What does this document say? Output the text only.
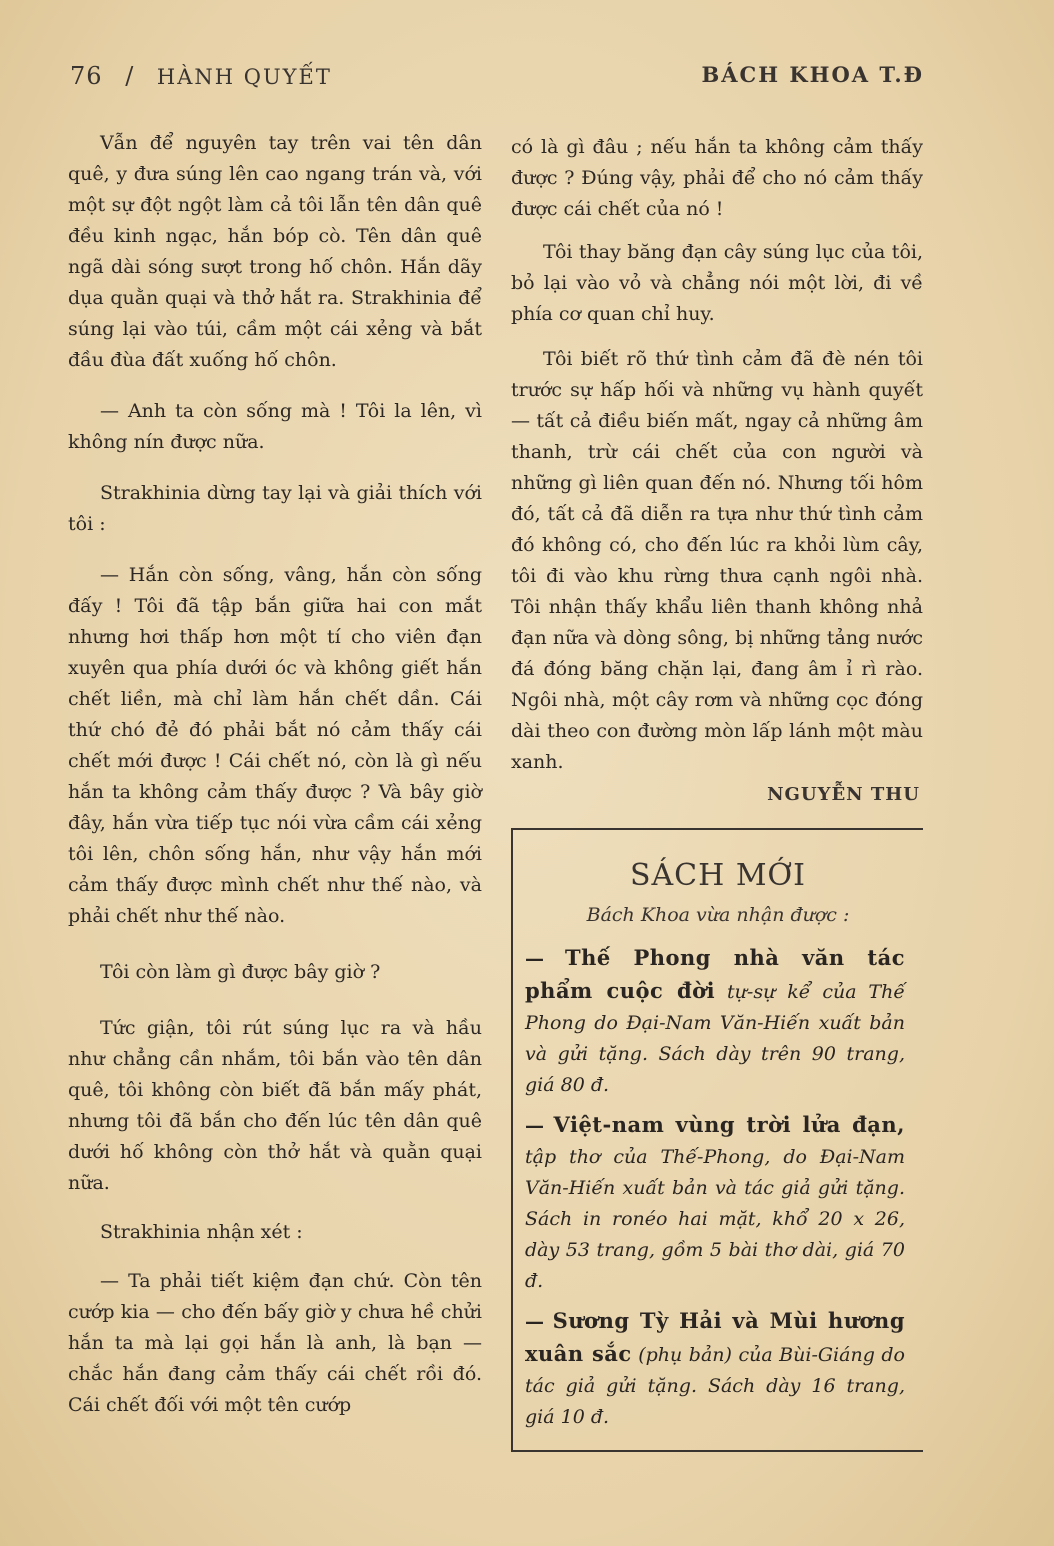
76 / HÀNH QUYẾT	BÁCH KHOA T.Đ

Vẫn để nguyên tay trên vai tên dân quê, y đưa súng lên cao ngang trán và, với một sự đột ngột làm cả tôi lẫn tên dân quê đều kinh ngạc, hắn bóp cò. Tên dân quê ngã dài sóng sượt trong hố chôn. Hắn dãy dụa quằn quại và thở hắt ra. Strakhinia để súng lại vào túi, cầm một cái xẻng và bắt đầu đùa đất xuống hố chôn.

— Anh ta còn sống mà ! Tôi la lên, vì không nín được nữa.

Strakhinia dừng tay lại và giải thích với tôi :

— Hắn còn sống, vâng, hắn còn sống đấy ! Tôi đã tập bắn giữa hai con mắt nhưng hơi thấp hơn một tí cho viên đạn xuyên qua phía dưới óc và không giết hắn chết liền, mà chỉ làm hắn chết dần. Cái thứ chó đẻ đó phải bắt nó cảm thấy cái chết mới được ! Cái chết nó, còn là gì nếu hắn ta không cảm thấy được ? Và bây giờ đây, hắn vừa tiếp tục nói vừa cầm cái xẻng tôi lên, chôn sống hắn, như vậy hắn mới cảm thấy được mình chết như thế nào, và phải chết như thế nào.

Tôi còn làm gì được bây giờ ?

Tức giận, tôi rút súng lục ra và hầu như chẳng cần nhắm, tôi bắn vào tên dân quê, tôi không còn biết đã bắn mấy phát, nhưng tôi đã bắn cho đến lúc tên dân quê dưới hố không còn thở hắt và quằn quại nữa.

Strakhinia nhận xét :

— Ta phải tiết kiệm đạn chứ. Còn tên cướp kia — cho đến bấy giờ y chưa hề chửi hắn ta mà lại gọi hắn là anh, là bạn — chắc hắn đang cảm thấy cái chết rồi đó. Cái chết đối với một tên cướp

có là gì đâu ; nếu hắn ta không cảm thấy được ? Đúng vậy, phải để cho nó cảm thấy được cái chết của nó !

Tôi thay băng đạn cây súng lục của tôi, bỏ lại vào vỏ và chẳng nói một lời, đi về phía cơ quan chỉ huy.

Tôi biết rõ thứ tình cảm đã đè nén tôi trước sự hấp hối và những vụ hành quyết — tất cả điều biến mất, ngay cả những âm thanh, trừ cái chết của con người và những gì liên quan đến nó. Nhưng tối hôm đó, tất cả đã diễn ra tựa như thứ tình cảm đó không có, cho đến lúc ra khỏi lùm cây, tôi đi vào khu rừng thưa cạnh ngôi nhà. Tôi nhận thấy khẩu liên thanh không nhả đạn nữa và dòng sông, bị những tảng nước đá đóng băng chặn lại, đang âm ỉ rì rào. Ngôi nhà, một cây rơm và những cọc đóng dài theo con đường mòn lấp lánh một màu xanh.

NGUYỄN THU
SÁCH MỚI
Bách Khoa vừa nhận được :
— Thế Phong nhà văn tác phẩm cuộc đời tự-sự kể của Thế Phong do Đại-Nam Văn-Hiến xuất bản và gửi tặng. Sách dày trên 90 trang, giá 80 đ.
— Việt-nam vùng trời lửa đạn, tập thơ của Thế-Phong, do Đại-Nam Văn-Hiến xuất bản và tác giả gửi tặng. Sách in ronéo hai mặt, khổ 20 x 26, dày 53 trang, gồm 5 bài thơ dài, giá 70 đ.
— Sương Tỳ Hải và Mùi hương xuân sắc (phụ bản) của Bùi-Giáng do tác giả gửi tặng. Sách dày 16 trang, giá 10 đ.
